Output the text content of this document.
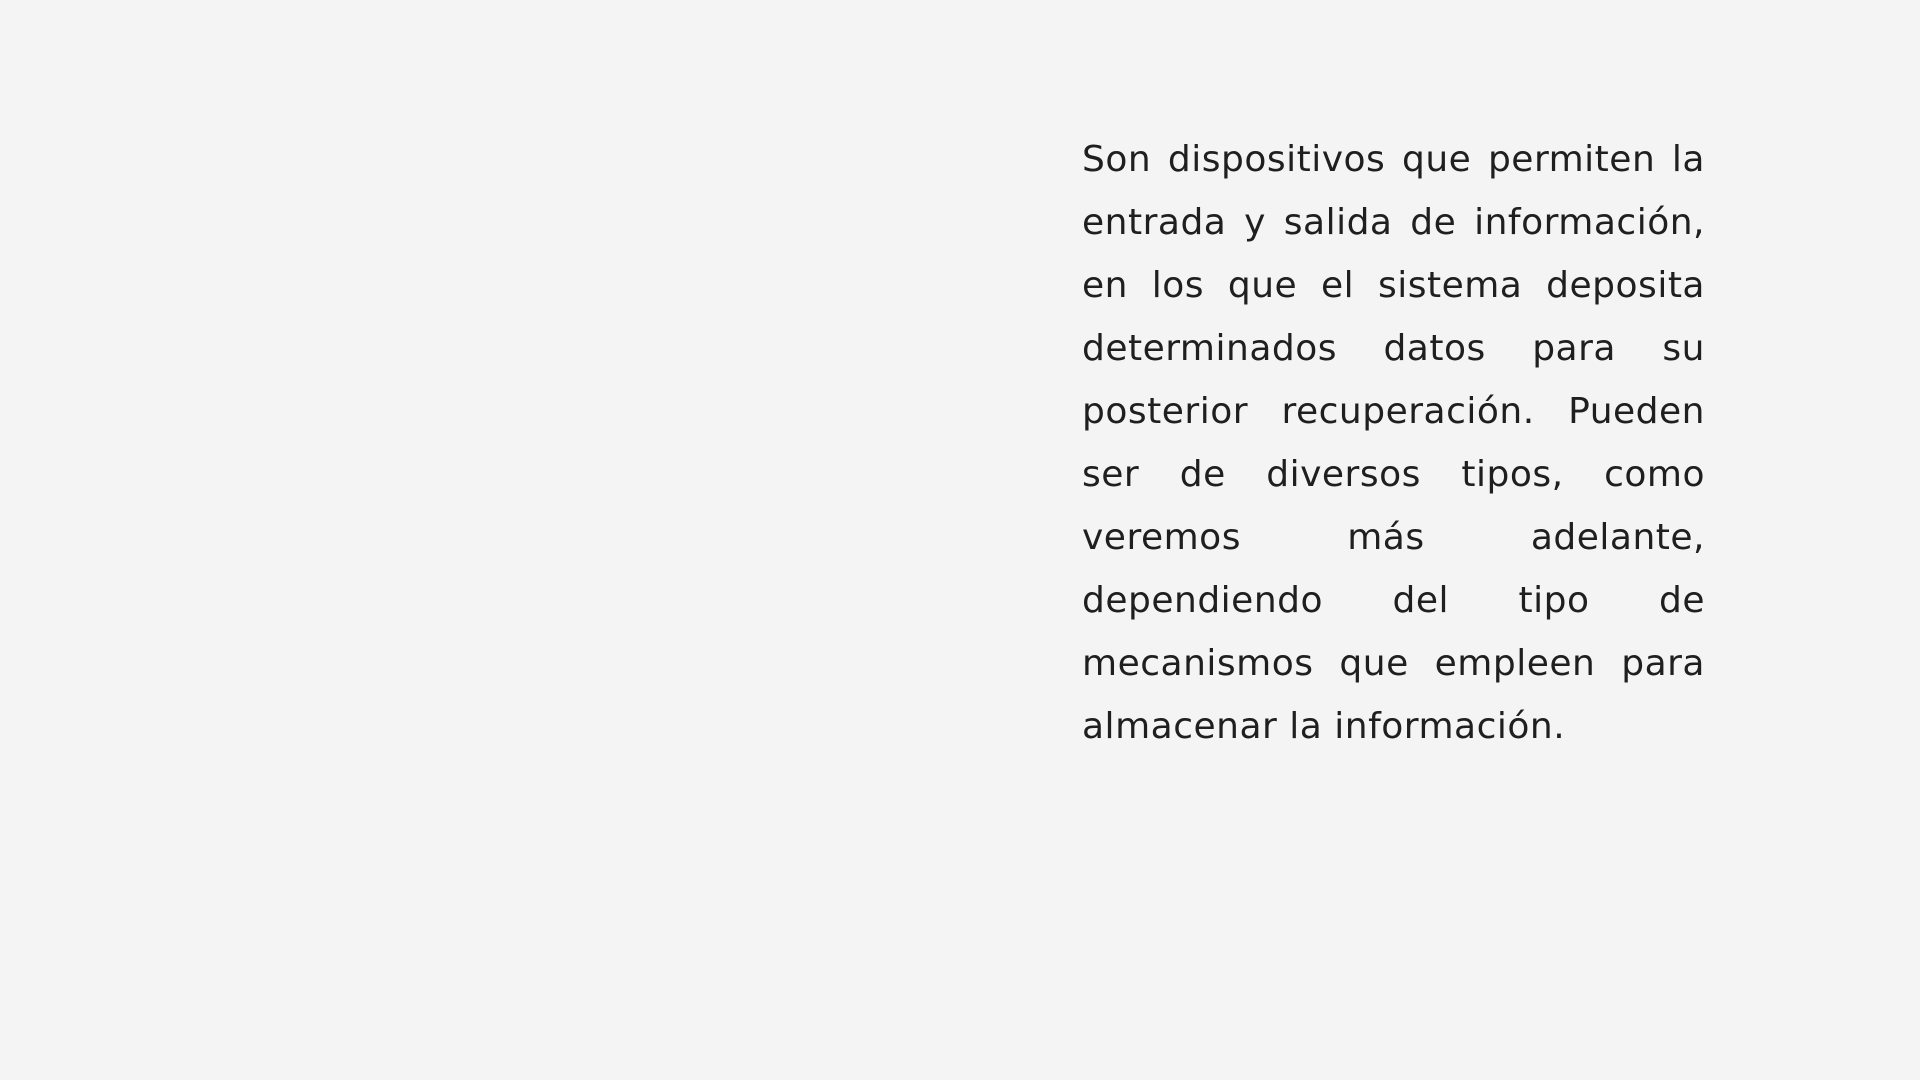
Son dispositivos que permiten la entrada y salida de información, en los que el sistema deposita determinados datos para su posterior recuperación. Pueden ser de diversos tipos, como veremos más adelante, dependiendo del tipo de mecanismos que empleen para almacenar la información.
